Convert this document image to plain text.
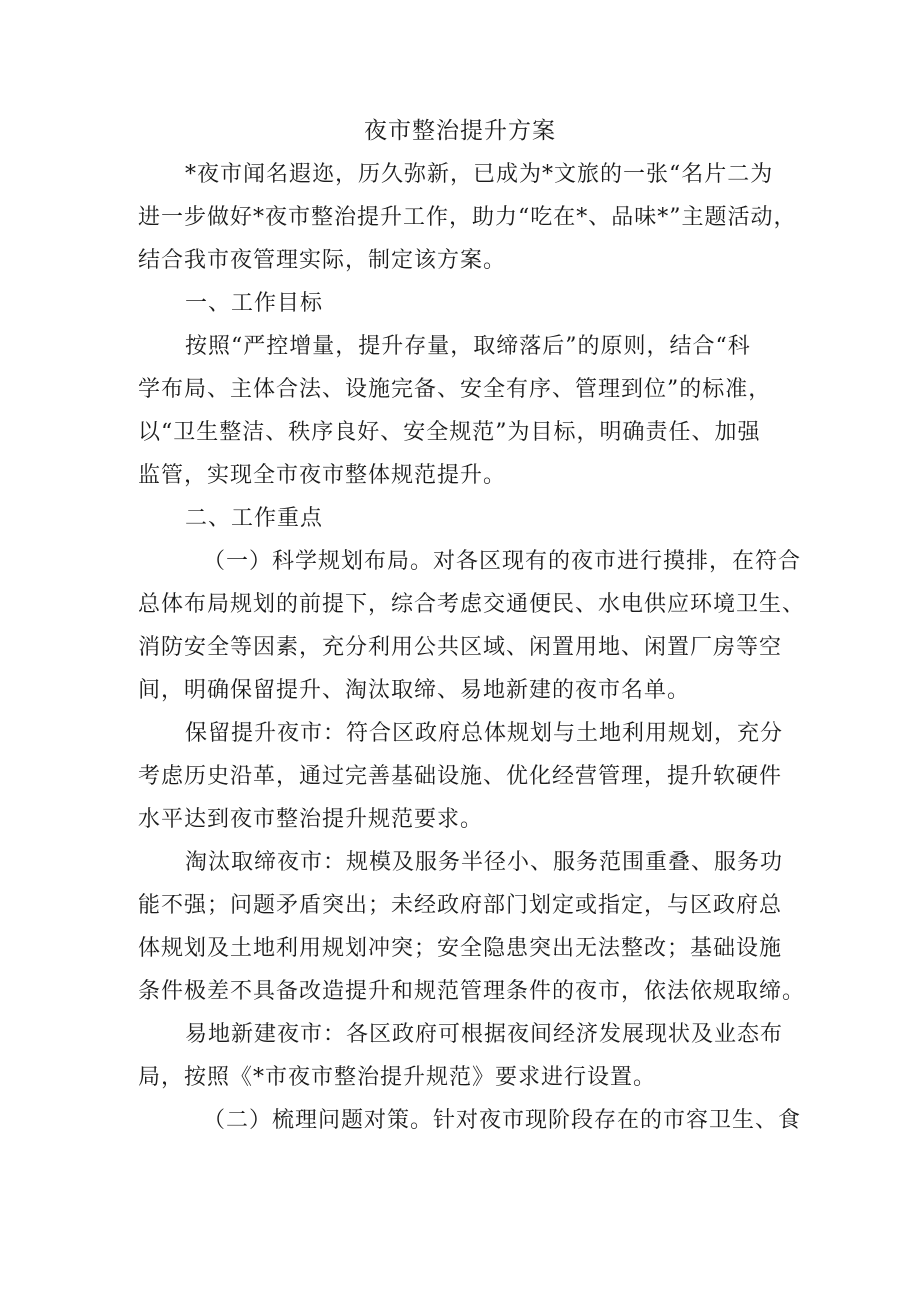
夜市整治提升方案

*夜市闻名遐迩，历久弥新，已成为*文旅的一张“名片二为

进一步做好*夜市整治提升工作，助力“吃在*、品味*”主题活动，

结合我市夜管理实际，制定该方案。

一、工作目标

按照“严控增量，提升存量，取缔落后”的原则，结合“科

学布局、主体合法、设施完备、安全有序、管理到位”的标准，

以“卫生整洁、秩序良好、安全规范”为目标，明确责任、加强

监管，实现全市夜市整体规范提升。

二、工作重点

（一）科学规划布局。对各区现有的夜市进行摸排，在符合

总体布局规划的前提下，综合考虑交通便民、水电供应环境卫生、

消防安全等因素，充分利用公共区域、闲置用地、闲置厂房等空

间，明确保留提升、淘汰取缔、易地新建的夜市名单。

保留提升夜市：符合区政府总体规划与土地利用规划，充分

考虑历史沿革，通过完善基础设施、优化经营管理，提升软硬件

水平达到夜市整治提升规范要求。

淘汰取缔夜市：规模及服务半径小、服务范围重叠、服务功

能不强；问题矛盾突出；未经政府部门划定或指定，与区政府总

体规划及土地利用规划冲突；安全隐患突出无法整改；基础设施

条件极差不具备改造提升和规范管理条件的夜市，依法依规取缔。

易地新建夜市：各区政府可根据夜间经济发展现状及业态布

局，按照《*市夜市整治提升规范》要求进行设置。

（二）梳理问题对策。针对夜市现阶段存在的市容卫生、食
